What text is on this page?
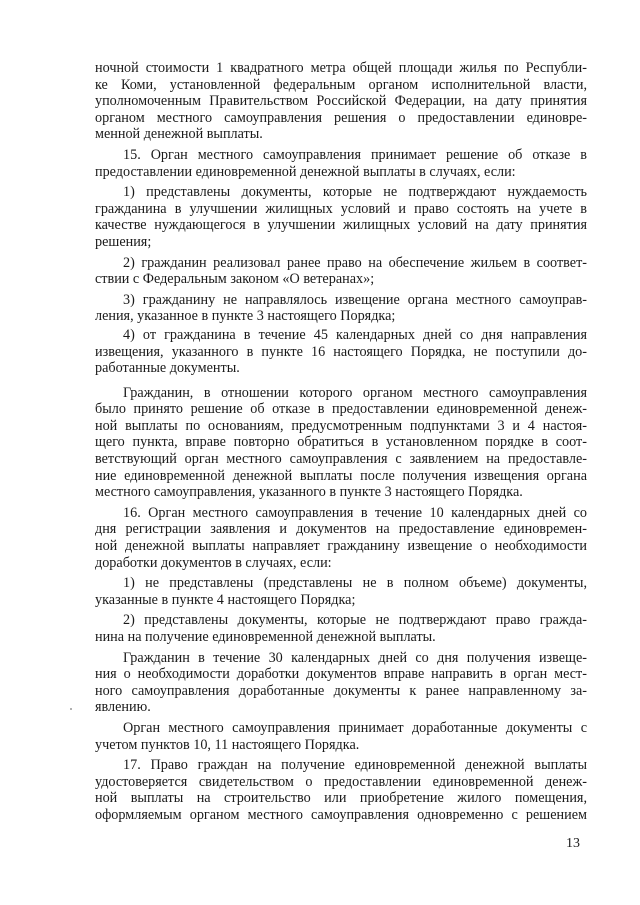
ночной стоимости 1 квадратного метра общей площади жилья по Республи-
ке Коми, установленной федеральным органом исполнительной власти,
уполномоченным Правительством Российской Федерации, на дату принятия
органом местного самоуправления решения о предоставлении единовре-
менной денежной выплаты.
15. Орган местного самоуправления принимает решение об отказе в
предоставлении единовременной денежной выплаты в случаях, если:
1) представлены документы, которые не подтверждают нуждаемость
гражданина в улучшении жилищных условий и право состоять на учете в
качестве нуждающегося в улучшении жилищных условий на дату принятия
решения;
2) гражданин реализовал ранее право на обеспечение жильем в соответ-
ствии с Федеральным законом «О ветеранах»;
3) гражданину не направлялось извещение органа местного самоуправ-
ления, указанное в пункте 3 настоящего Порядка;
4) от гражданина в течение 45 календарных дней со дня направления
извещения, указанного в пункте 16 настоящего Порядка, не поступили до-
работанные документы.
Гражданин, в отношении которого органом местного самоуправления
было принято решение об отказе в предоставлении единовременной денеж-
ной выплаты по основаниям, предусмотренным подпунктами 3 и 4 настоя-
щего пункта, вправе повторно обратиться в установленном порядке в соот-
ветствующий орган местного самоуправления с заявлением на предоставле-
ние единовременной денежной выплаты после получения извещения органа
местного самоуправления, указанного в пункте 3 настоящего Порядка.
16. Орган местного самоуправления в течение 10 календарных дней со
дня регистрации заявления и документов на предоставление единовремен-
ной денежной выплаты направляет гражданину извещение о необходимости
доработки документов в случаях, если:
1) не представлены (представлены не в полном объеме) документы,
указанные в пункте 4 настоящего Порядка;
2) представлены документы, которые не подтверждают право гражда-
нина на получение единовременной денежной выплаты.
Гражданин в течение 30 календарных дней со дня получения извеще-
ния о необходимости доработки документов вправе направить в орган мест-
ного самоуправления доработанные документы к ранее направленному за-
явлению.
Орган местного самоуправления принимает доработанные документы с
учетом пунктов 10, 11 настоящего Порядка.
17. Право граждан на получение единовременной денежной выплаты
удостоверяется свидетельством о предоставлении единовременной денеж-
ной выплаты на строительство или приобретение жилого помещения,
оформляемым органом местного самоуправления одновременно с решением
13
